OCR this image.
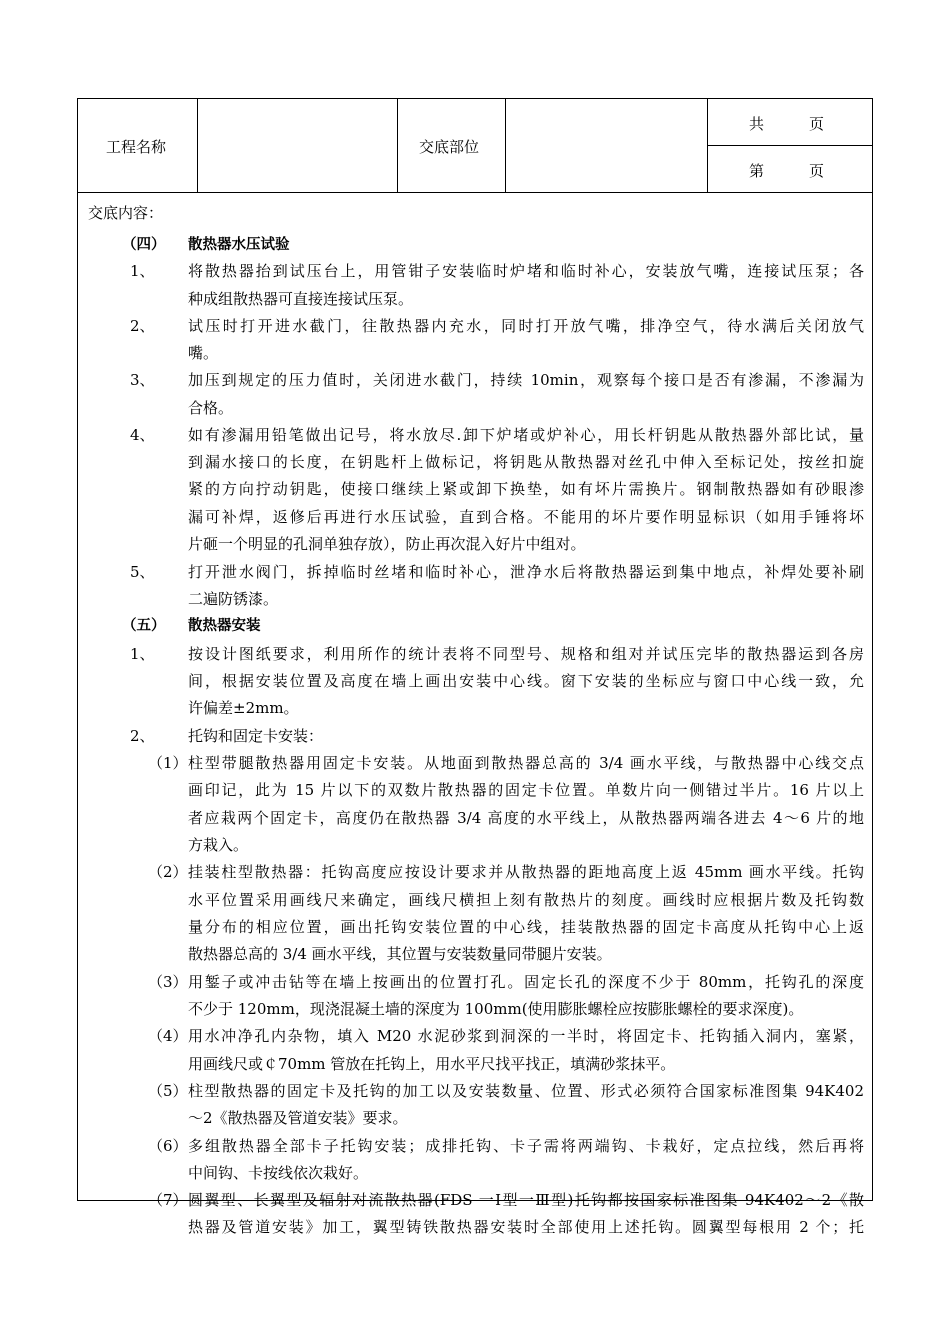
工程名称	交底部位
共　　　页
第　　　页
交底内容：
（四） 散热器水压试验
1、 将散热器抬到试压台上，用管钳子安装临时炉堵和临时补心，安装放气嘴，连接试压泵；各
种成组散热器可直接连接试压泵。
2、 试压时打开进水截门，往散热器内充水，同时打开放气嘴，排净空气，待水满后关闭放气
嘴。
3、 加压到规定的压力值时，关闭进水截门，持续 10min，观察每个接口是否有渗漏，不渗漏为
合格。
4、 如有渗漏用铅笔做出记号，将水放尽.卸下炉堵或炉补心，用长杆钥匙从散热器外部比试，量
到漏水接口的长度，在钥匙杆上做标记，将钥匙从散热器对丝孔中伸入至标记处，按丝扣旋
紧的方向拧动钥匙，使接口继续上紧或卸下换垫，如有坏片需换片。钢制散热器如有砂眼渗
漏可补焊，返修后再进行水压试验，直到合格。不能用的坏片要作明显标识（如用手锤将坏
片砸一个明显的孔洞单独存放），防止再次混入好片中组对。
5、 打开泄水阀门，拆掉临时丝堵和临时补心，泄净水后将散热器运到集中地点，补焊处要补刷
二遍防锈漆。
（五） 散热器安装
1、 按设计图纸要求，利用所作的统计表将不同型号、规格和组对并试压完毕的散热器运到各房
间，根据安装位置及高度在墙上画出安装中心线。窗下安装的坐标应与窗口中心线一致，允
许偏差±2mm。
2、 托钩和固定卡安装：
（1） 柱型带腿散热器用固定卡安装。从地面到散热器总高的 3/4 画水平线，与散热器中心线交点
画印记，此为 15 片以下的双数片散热器的固定卡位置。单数片向一侧错过半片。16 片以上
者应栽两个固定卡，高度仍在散热器 3/4 高度的水平线上，从散热器两端各进去 4～6 片的地
方栽入。
（2） 挂装柱型散热器：托钩高度应按设计要求并从散热器的距地高度上返 45mm 画水平线。托钩
水平位置采用画线尺来确定，画线尺横担上刻有散热片的刻度。画线时应根据片数及托钩数
量分布的相应位置，画出托钩安装位置的中心线，挂装散热器的固定卡高度从托钩中心上返
散热器总高的 3/4 画水平线，其位置与安装数量同带腿片安装。
（3） 用錾子或冲击钻等在墙上按画出的位置打孔。固定长孔的深度不少于 80mm，托钩孔的深度
不少于 120mm，现浇混凝土墙的深度为 100mm(使用膨胀螺栓应按膨胀螺栓的要求深度)。
（4） 用水冲净孔内杂物，填入 M20 水泥砂浆到洞深的一半时，将固定卡、托钩插入洞内，塞紧，
用画线尺或￠70mm 管放在托钩上，用水平尺找平找正，填满砂浆抹平。
（5） 柱型散热器的固定卡及托钩的加工以及安装数量、位置、形式必须符合国家标准图集 94K402
～2《散热器及管道安装》要求。
（6） 多组散热器全部卡子托钩安装；成排托钩、卡子需将两端钩、卡栽好，定点拉线，然后再将
中间钩、卡按线依次栽好。
（7） 圆翼型、长翼型及辐射对流散热器(FDS 一Ⅰ型一Ⅲ型)托钩都按国家标准图集 94K402～2《散
热器及管道安装》加工，翼型铸铁散热器安装时全部使用上述托钩。圆翼型每根用 2 个；托
